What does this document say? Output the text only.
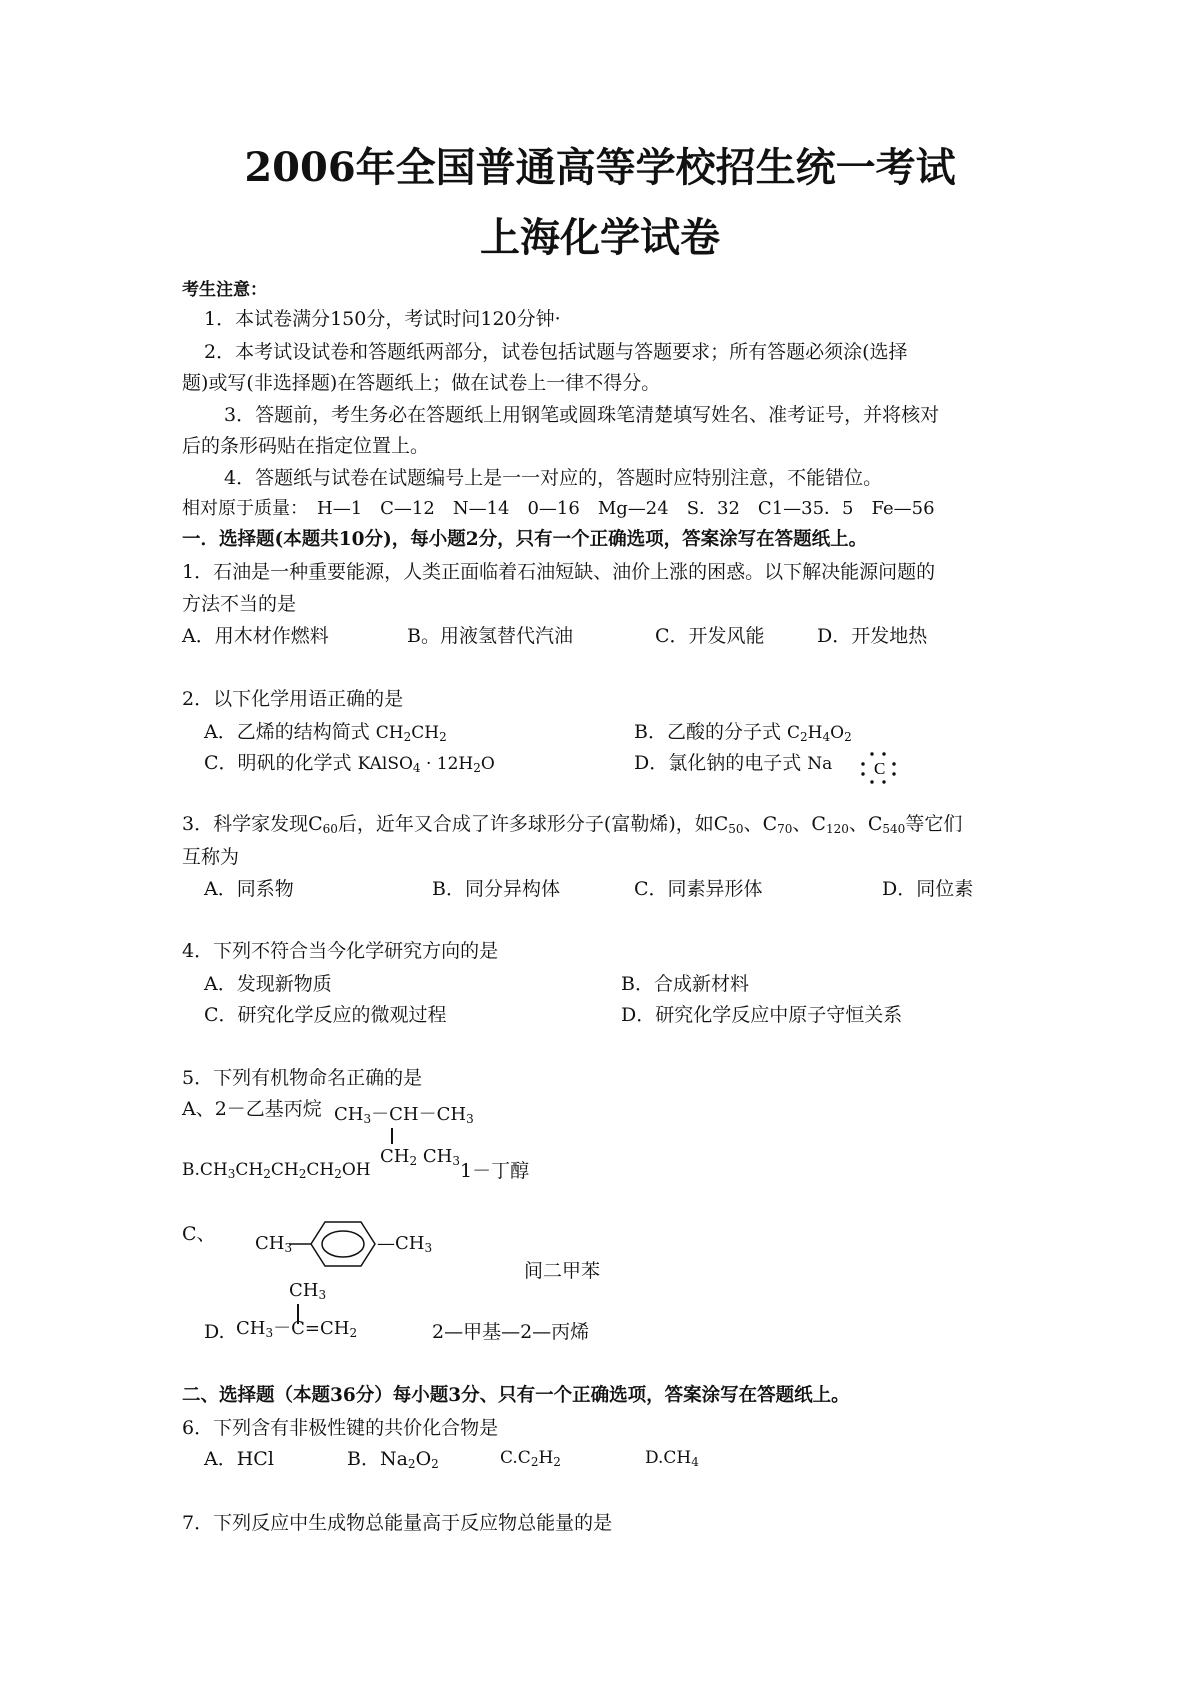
2006年全国普通高等学校招生统一考试
上海化学试卷
考生注意：
1．本试卷满分150分，考试时问120分钟·
2．本考试设试卷和答题纸两部分，试卷包括试题与答题要求；所有答题必须涂(选择
题)或写(非选择题)在答题纸上；做在试卷上一律不得分。
3．答题前，考生务必在答题纸上用钢笔或圆珠笔清楚填写姓名、准考证号，并将核对
后的条形码贴在指定位置上。
4．答题纸与试卷在试题编号上是一一对应的，答题时应特别注意，不能错位。
相对原于质量：　H—1　C—12　N—14　0—16　Mg—24　S．32　C1—35．5　Fe—56
一．选择题(本题共10分)，每小题2分，只有一个正确选项，答案涂写在答题纸上。
1．石油是一种重要能源，人类正面临着石油短缺、油价上涨的困惑。以下解决能源问题的
方法不当的是
A．用木材作燃料	B。用液氢替代汽油	C．开发风能	D．开发地热
2．以下化学用语正确的是
A．乙烯的结构简式 $CH_2CH_2$	B．乙酸的分子式 $C_2H_4O_2$
C．明矾的化学式 KAlSO$_4$ · $12H_2O$	D．氯化钠的电子式 Na C
3．科学家发现$C_{60}$后，近年又合成了许多球形分子(富勒烯)，如$C_{50}$、$C_{70}$、$C_{120}$、$C_{540}$等它们
互称为
A．同系物	B．同分异构体	C．同素异形体	D．同位素
4．下列不符合当今化学研究方向的是
A．发现新物质	B．合成新材料
C．研究化学反应的微观过程	D．研究化学反应中原子守恒关系
5．下列有机物命名正确的是
A、2－乙基丙烷 $CH_3-CH-CH_3$
$CH_2$ $CH_3$
$B.CH_3CH_2CH_2CH_2OH$	1－丁醇
C、 $CH_3$	$—CH_3$
间二甲苯
$CH_3$
D. $CH_3-C=CH_2$	2—甲基—2—丙烯
二、选择题（本题36分）每小题3分、只有一个正确选项，答案涂写在答题纸上。
6．下列含有非极性键的共价化合物是
A．HCl	B．$Na_2O_2$	$C.C_2H_2$	$D.CH_4$
7．下列反应中生成物总能量高于反应物总能量的是
